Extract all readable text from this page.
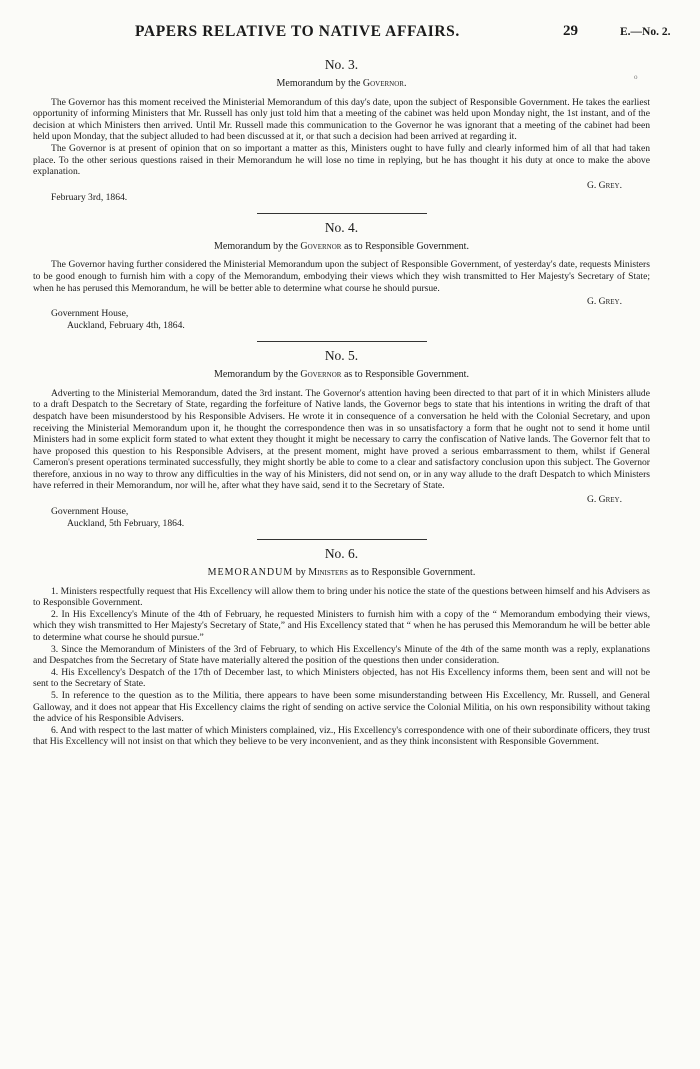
PAPERS RELATIVE TO NATIVE AFFAIRS.	29	E.—No. 2.
o
No. 3.
Memorandum by the Governor.

The Governor has this moment received the Ministerial Memorandum of this day's date, upon the subject of Responsible Government. He takes the earliest opportunity of informing Ministers that Mr. Russell has only just told him that a meeting of the cabinet was held upon Monday night, the 1st instant, and of the decision at which Ministers then arrived. Until Mr. Russell made this communication to the Governor he was ignorant that a meeting of the cabinet had been held upon Monday, that the subject alluded to had been discussed at it, or that such a decision had been arrived at regarding it.

The Governor is at present of opinion that on so important a matter as this, Ministers ought to have fully and clearly informed him of all that had taken place. To the other serious questions raised in their Memorandum he will lose no time in replying, but he has thought it his duty at once to make the above explanation.

G. Grey.
February 3rd, 1864.
No. 4.
Memorandum by the Governor as to Responsible Government.

The Governor having further considered the Ministerial Memorandum upon the subject of Responsible Government, of yesterday's date, requests Ministers to be good enough to furnish him with a copy of the Memorandum, embodying their views which they wish transmitted to Her Majesty's Secretary of State; when he has perused this Memorandum, he will be better able to determine what course he should pursue.

G. Grey.
Government House,
Auckland, February 4th, 1864.
No. 5.
Memorandum by the Governor as to Responsible Government.

Adverting to the Ministerial Memorandum, dated the 3rd instant. The Governor's attention having been directed to that part of it in which Ministers allude to a draft Despatch to the Secretary of State, regarding the forfeiture of Native lands, the Governor begs to state that his intentions in writing the draft of that despatch have been misunderstood by his Responsible Advisers. He wrote it in consequence of a conversation he held with the Colonial Secretary, and upon receiving the Ministerial Memorandum upon it, he thought the correspondence then was in so unsatisfactory a form that he ought not to send it home until Ministers had in some explicit form stated to what extent they thought it might be necessary to carry the confiscation of Native lands. The Governor felt that to have proposed this question to his Responsible Advisers, at the present moment, might have proved a serious embarrassment to them, whilst if General Cameron's present operations terminated successfully, they might shortly be able to come to a clear and satisfactory conclusion upon this subject. The Governor therefore, anxious in no way to throw any difficulties in the way of his Ministers, did not send on, or in any way allude to the draft Despatch to which Ministers have referred in their Memorandum, nor will he, after what they have said, send it to the Secretary of State.

G. Grey.
Government House,
Auckland, 5th February, 1864.
No. 6.
MEMORANDUM by Ministers as to Responsible Government.

1. Ministers respectfully request that His Excellency will allow them to bring under his notice the state of the questions between himself and his Advisers as to Responsible Government.

2. In His Excellency's Minute of the 4th of February, he requested Ministers to furnish him with a copy of the “ Memorandum embodying their views, which they wish transmitted to Her Majesty's Secretary of State,” and His Excellency stated that “ when he has perused this Memorandum he will be better able to determine what course he should pursue.”

3. Since the Memorandum of Ministers of the 3rd of February, to which His Excellency's Minute of the 4th of the same month was a reply, explanations and Despatches from the Secretary of State have materially altered the position of the questions then under consideration.

4. His Excellency's Despatch of the 17th of December last, to which Ministers objected, has not His Excellency informs them, been sent and will not be sent to the Secretary of State.

5. In reference to the question as to the Militia, there appears to have been some misunderstanding between His Excellency, Mr. Russell, and General Galloway, and it does not appear that His Excellency claims the right of sending on active service the Colonial Militia, on his own responsibility without taking the advice of his Responsible Advisers.

6. And with respect to the last matter of which Ministers complained, viz., His Excellency's correspondence with one of their subordinate officers, they trust that His Excellency will not insist on that which they believe to be very inconvenient, and as they think inconsistent with Responsible Government.
